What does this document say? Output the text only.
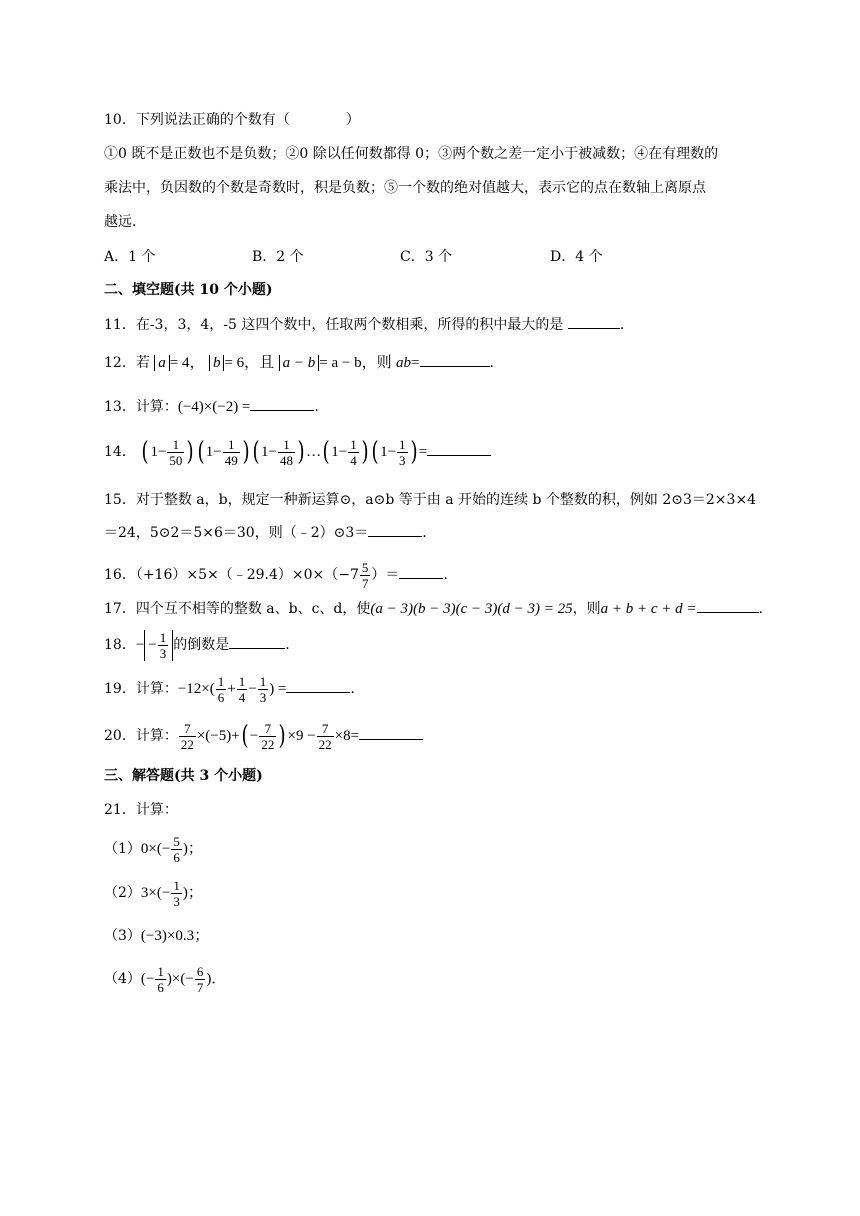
10．下列说法正确的个数有（　　　　）
①0 既不是正数也不是负数；②0 除以任何数都得 0；③两个数之差一定小于被减数；④在有理数的
乘法中，负因数的个数是奇数时，积是负数；⑤一个数的绝对值越大，表示它的点在数轴上离原点
越远．
A．1 个	B．2 个	C．3 个	D．4 个
二、填空题(共 10 个小题)
11．在-3，3，4，-5 这四个数中，任取两个数相乘，所得的积中最大的是	.
12．若 a = 4， b = 6，且 a − b = a − b，则 ab=	.
13．计算：(−4)×(−2) =	.
14． ( $1- \frac{1}{50}$ ) ( $1- \frac{1}{49}$ ) ( $1- \frac{1}{48}$ ) …( $1- \frac{1}{4}$ ) ( $1- \frac{1}{3}$ ) =
15．对于整数 a，b，规定一种新运算⊙，a⊙b 等于由 a 开始的连续 b 个整数的积，例如 2⊙3＝2×3×4
＝24，5⊙2＝5×6＝30，则（﹣2）⊙3＝	.
16．（+16）×5×（﹣29.4）×0×（−7 $\frac{5}{7}$ ）＝	.
17．四个互不相等的整数 a、b、c、d，使(a − 3)(b − 3)(c − 3)(d − 3) = 25，则a + b + c + d =	.
18．− − $\frac{1}{3}$ 的倒数是	.
19．计算：$-12\times( \frac{1}{6} + \frac{1}{4} - \frac{1}{3}$ ) =	.
20．计算： $\frac{7}{22} \times(-5)+( - \frac{7}{22}$ ) $\times 9 - \frac{7}{22} \times 8=$
三、解答题(共 3 个小题)
21．计算：
$(1)0\times(- \frac{5}{6}$ )；
$(2)3\times(- \frac{1}{3}$ )；
（3）(−3)×0.3；
$(4)(- \frac{1}{6}$ )×(− $\frac{6}{7}$ )．
